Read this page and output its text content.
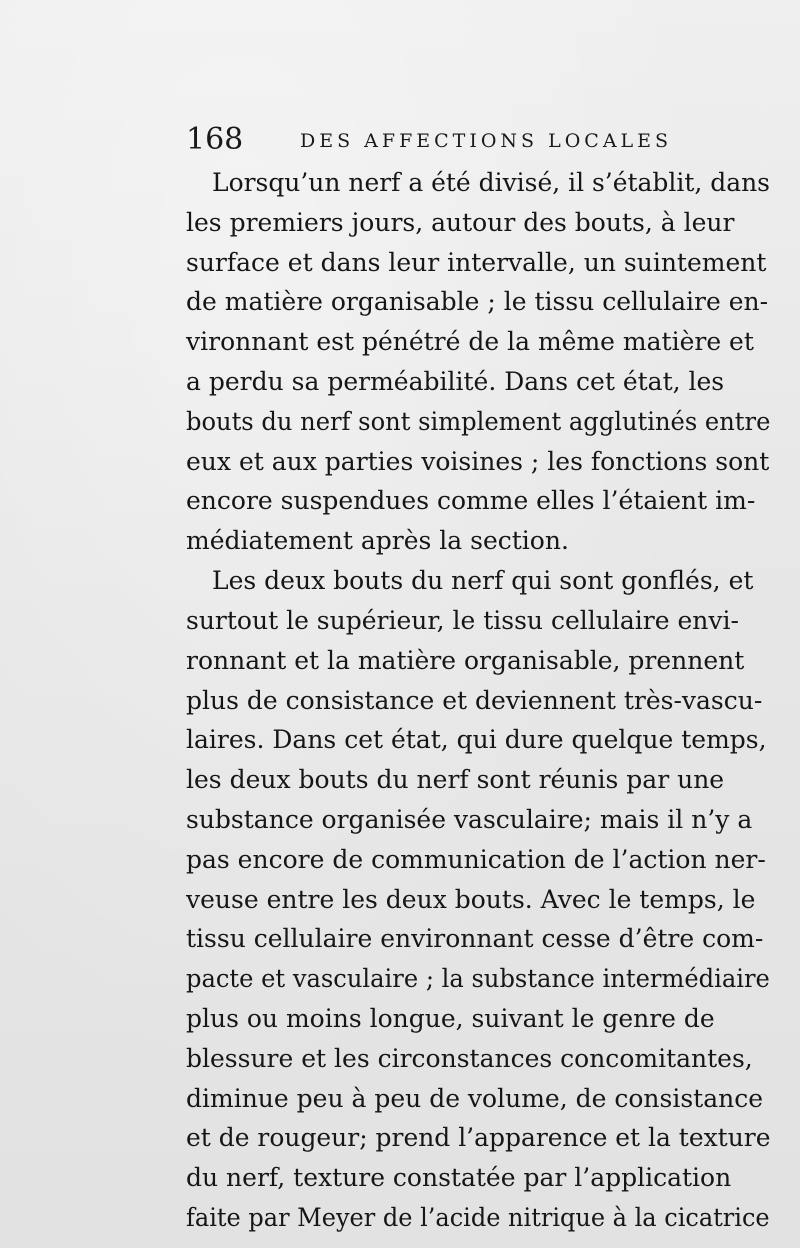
168	DES AFFECTIONS LOCALES
Lorsqu’un nerf a été divisé, il s’établit, dans
les premiers jours, autour des bouts, à leur
surface et dans leur intervalle, un suintement
de matière organisable ; le tissu cellulaire en-
vironnant est pénétré de la même matière et
a perdu sa perméabilité. Dans cet état, les
bouts du nerf sont simplement agglutinés entre
eux et aux parties voisines ; les fonctions sont
encore suspendues comme elles l’étaient im-
médiatement après la section.
Les deux bouts du nerf qui sont gonflés, et
surtout le supérieur, le tissu cellulaire envi-
ronnant et la matière organisable, prennent
plus de consistance et deviennent très-vascu-
laires. Dans cet état, qui dure quelque temps,
les deux bouts du nerf sont réunis par une
substance organisée vasculaire; mais il n’y a
pas encore de communication de l’action ner-
veuse entre les deux bouts. Avec le temps, le
tissu cellulaire environnant cesse d’être com-
pacte et vasculaire ; la substance intermédiaire
plus ou moins longue, suivant le genre de
blessure et les circonstances concomitantes,
diminue peu à peu de volume, de consistance
et de rougeur; prend l’apparence et la texture
du nerf, texture constatée par l’application
faite par Meyer de l’acide nitrique à la cicatrice
